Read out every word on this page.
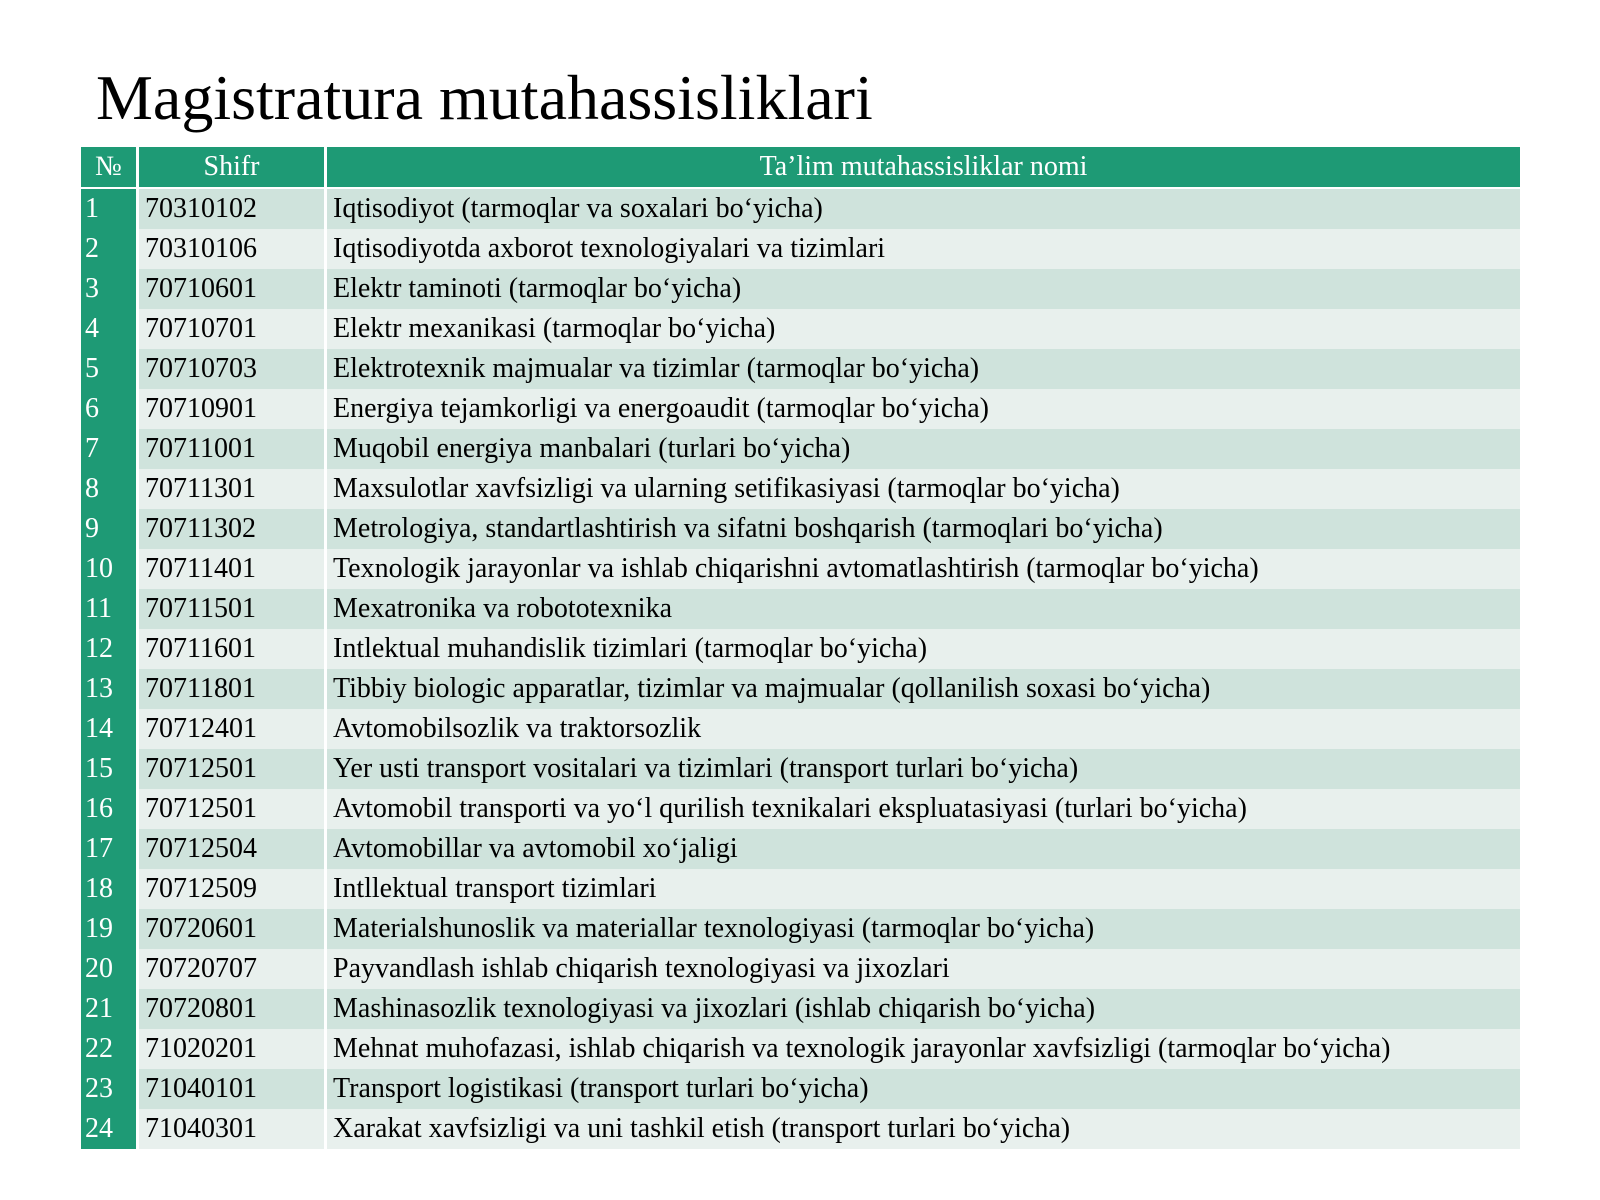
Magistratura mutahassisliklari
№	Shifr	Ta’lim mutahassisliklar nomi
1	70310102	Iqtisodiyot (tarmoqlar va soxalari bo‘yicha)
2	70310106	Iqtisodiyotda axborot texnologiyalari va tizimlari
3	70710601	Elektr taminoti (tarmoqlar bo‘yicha)
4	70710701	Elektr mexanikasi (tarmoqlar bo‘yicha)
5	70710703	Elektrotexnik majmualar va tizimlar (tarmoqlar bo‘yicha)
6	70710901	Energiya tejamkorligi va energoaudit (tarmoqlar bo‘yicha)
7	70711001	Muqobil energiya manbalari (turlari bo‘yicha)
8	70711301	Maxsulotlar xavfsizligi va ularning setifikasiyasi (tarmoqlar bo‘yicha)
9	70711302	Metrologiya, standartlashtirish va sifatni boshqarish (tarmoqlari bo‘yicha)
10	70711401	Texnologik jarayonlar va ishlab chiqarishni avtomatlashtirish (tarmoqlar bo‘yicha)
11	70711501	Mexatronika va robototexnika
12	70711601	Intlektual muhandislik tizimlari (tarmoqlar bo‘yicha)
13	70711801	Tibbiy biologic apparatlar, tizimlar va majmualar (qollanilish soxasi bo‘yicha)
14	70712401	Avtomobilsozlik va traktorsozlik
15	70712501	Yer usti transport vositalari va tizimlari (transport turlari bo‘yicha)
16	70712501	Avtomobil transporti va yo‘l qurilish texnikalari ekspluatasiyasi (turlari bo‘yicha)
17	70712504	Avtomobillar va avtomobil xo‘jaligi
18	70712509	Intllektual transport tizimlari
19	70720601	Materialshunoslik va materiallar texnologiyasi (tarmoqlar bo‘yicha)
20	70720707	Payvandlash ishlab chiqarish texnologiyasi va jixozlari
21	70720801	Mashinasozlik texnologiyasi va jixozlari (ishlab chiqarish bo‘yicha)
22	71020201	Mehnat muhofazasi, ishlab chiqarish va texnologik jarayonlar xavfsizligi (tarmoqlar bo‘yicha)
23	71040101	Transport logistikasi (transport turlari bo‘yicha)
24	71040301	Xarakat xavfsizligi va uni tashkil etish (transport turlari bo‘yicha)
